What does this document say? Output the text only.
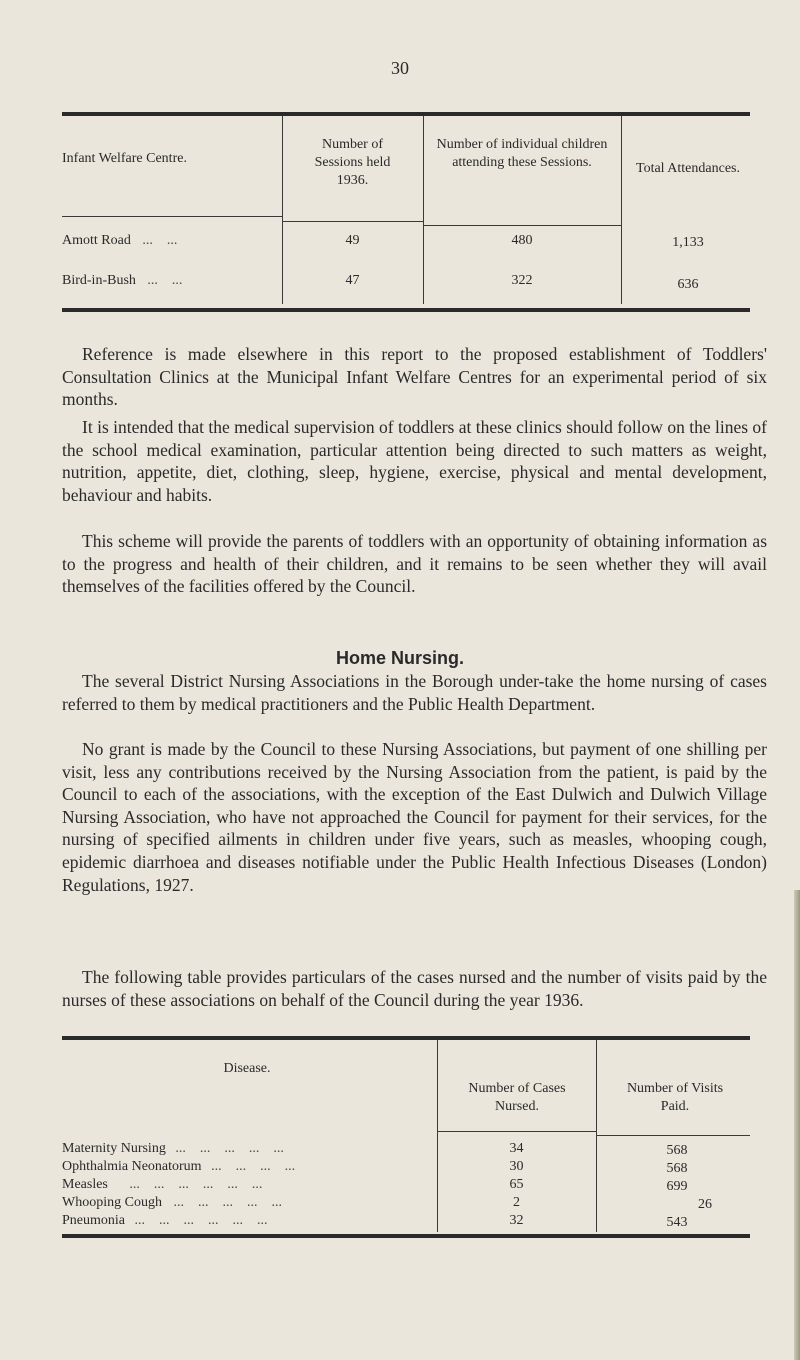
30
Infant Welfare Centre.
Number of Sessions held 1936.
Number of individual children attending these Sessions.	Total Attendances.
Amott Road ...    ...	49	480	1,133
Bird-in-Bush ...    ...	47	322	636

Reference is made elsewhere in this report to the proposed establishment of Toddlers' Consultation Clinics at the Municipal Infant Welfare Centres for an experimental period of six months.

It is intended that the medical supervision of toddlers at these clinics should follow on the lines of the school medical examination, particular attention being directed to such matters as weight, nutrition, appetite, diet, clothing, sleep, hygiene, exercise, physical and mental development, behaviour and habits.

This scheme will provide the parents of toddlers with an opportunity of obtaining information as to the progress and health of their children, and it remains to be seen whether they will avail themselves of the facilities offered by the Council.

Home Nursing.

The several District Nursing Associations in the Borough under-take the home nursing of cases referred to them by medical practitioners and the Public Health Department.

No grant is made by the Council to these Nursing Associations, but payment of one shilling per visit, less any contributions received by the Nursing Association from the patient, is paid by the Council to each of the associations, with the exception of the East Dulwich and Dulwich Village Nursing Association, who have not approached the Council for payment for their services, for the nursing of specified ailments in children under five years, such as measles, whooping cough, epidemic diarrhoea and diseases notifiable under the Public Health Infectious Diseases (London) Regulations, 1927.

The following table provides particulars of the cases nursed and the number of visits paid by the nurses of these associations on behalf of the Council during the year 1936.

Disease.
Number of Cases Nursed.
Number of Visits Paid.
Maternity Nursing ...    ...    ...    ...    ...	34	568
Ophthalmia Neonatorum ...    ...    ...    ...	30	568
Measles ...    ...    ...    ...    ...    ...	65	699
Whooping Cough ...    ...    ...    ...    ...	2	26
Pneumonia ...    ...    ...    ...    ...    ...	32	543
